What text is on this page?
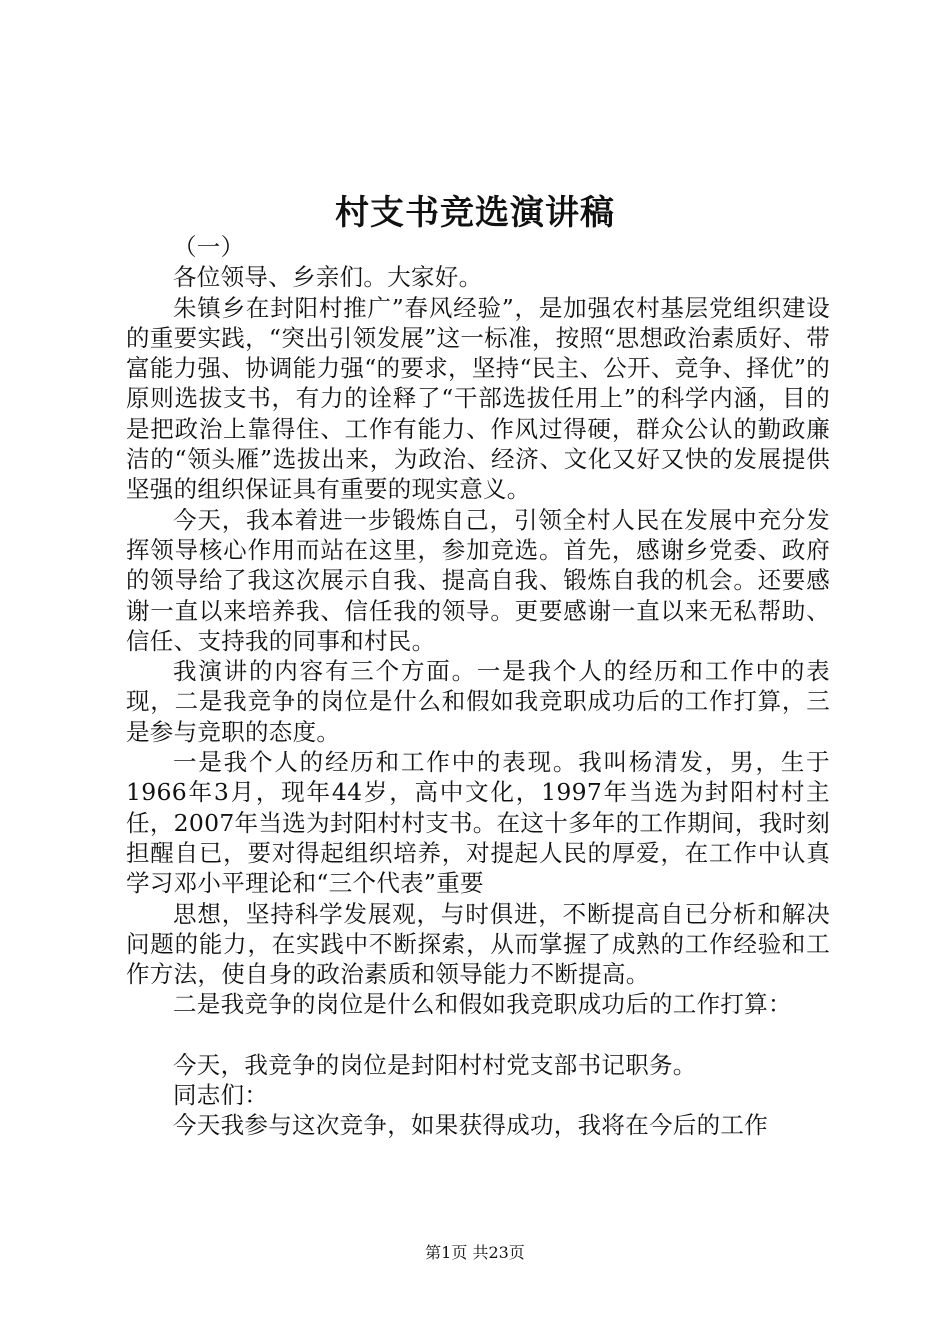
村支书竞选演讲稿

（一）

各位领导、乡亲们。大家好。

朱镇乡在封阳村推广”春风经验”，是加强农村基层党组织建设的重要实践，“突出引领发展”这一标准，按照“思想政治素质好、带富能力强、协调能力强“的要求，坚持“民主、公开、竞争、择优”的原则选拔支书，有力的诠释了“干部选拔任用上”的科学内涵，目的是把政治上靠得住、工作有能力、作风过得硬，群众公认的勤政廉洁的“领头雁”选拔出来，为政治、经济、文化又好又快的发展提供坚强的组织保证具有重要的现实意义。

今天，我本着进一步锻炼自己，引领全村人民在发展中充分发挥领导核心作用而站在这里，参加竞选。首先，感谢乡党委、政府的领导给了我这次展示自我、提高自我、锻炼自我的机会。还要感谢一直以来培养我、信任我的领导。更要感谢一直以来无私帮助、信任、支持我的同事和村民。

我演讲的内容有三个方面。一是我个人的经历和工作中的表现，二是我竞争的岗位是什么和假如我竞职成功后的工作打算，三是参与竞职的态度。

一是我个人的经历和工作中的表现。我叫杨清发，男，生于1966年3月，现年44岁，高中文化，1997年当选为封阳村村主任，2007年当选为封阳村村支书。在这十多年的工作期间，我时刻担醒自已，要对得起组织培养，对提起人民的厚爱，在工作中认真学习邓小平理论和“三个代表”重要

思想，坚持科学发展观，与时俱进，不断提高自已分析和解决问题的能力，在实践中不断探索，从而掌握了成熟的工作经验和工作方法，使自身的政治素质和领导能力不断提高。

二是我竞争的岗位是什么和假如我竞职成功后的工作打算：

今天，我竞争的岗位是封阳村村党支部书记职务。

同志们：

今天我参与这次竞争，如果获得成功，我将在今后的工作

第1页 共23页
